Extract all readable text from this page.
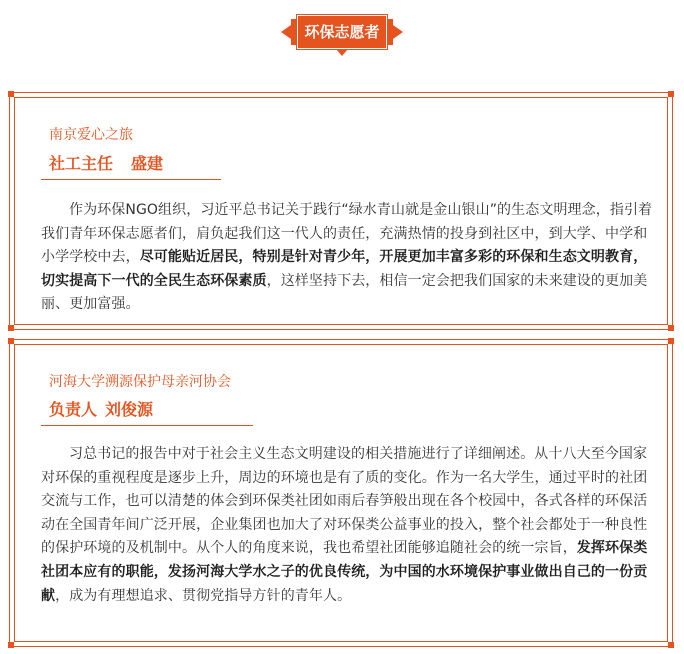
环保志愿者
南京爱心之旅
社工主任 盛建
作为环保NGO组织，习近平总书记关于践行“绿水青山就是金山银山”的生态文明理念，指引着我们青年环保志愿者们，肩负起我们这一代人的责任，充满热情的投身到社区中，到大学、中学和小学学校中去，尽可能贴近居民，特别是针对青少年，开展更加丰富多彩的环保和生态文明教育，切实提高下一代的全民生态环保素质，这样坚持下去，相信一定会把我们国家的未来建设的更加美丽、更加富强。
河海大学溯源保护母亲河协会
负责人 刘俊源
习总书记的报告中对于社会主义生态文明建设的相关措施进行了详细阐述。从十八大至今国家对环保的重视程度是逐步上升，周边的环境也是有了质的变化。作为一名大学生，通过平时的社团交流与工作，也可以清楚的体会到环保类社团如雨后春笋般出现在各个校园中，各式各样的环保活动在全国青年间广泛开展，企业集团也加大了对环保类公益事业的投入，整个社会都处于一种良性的保护环境的及机制中。从个人的角度来说，我也希望社团能够追随社会的统一宗旨，发挥环保类社团本应有的职能，发扬河海大学水之子的优良传统，为中国的水环境保护事业做出自己的一份贡献，成为有理想追求、贯彻党指导方针的青年人。
